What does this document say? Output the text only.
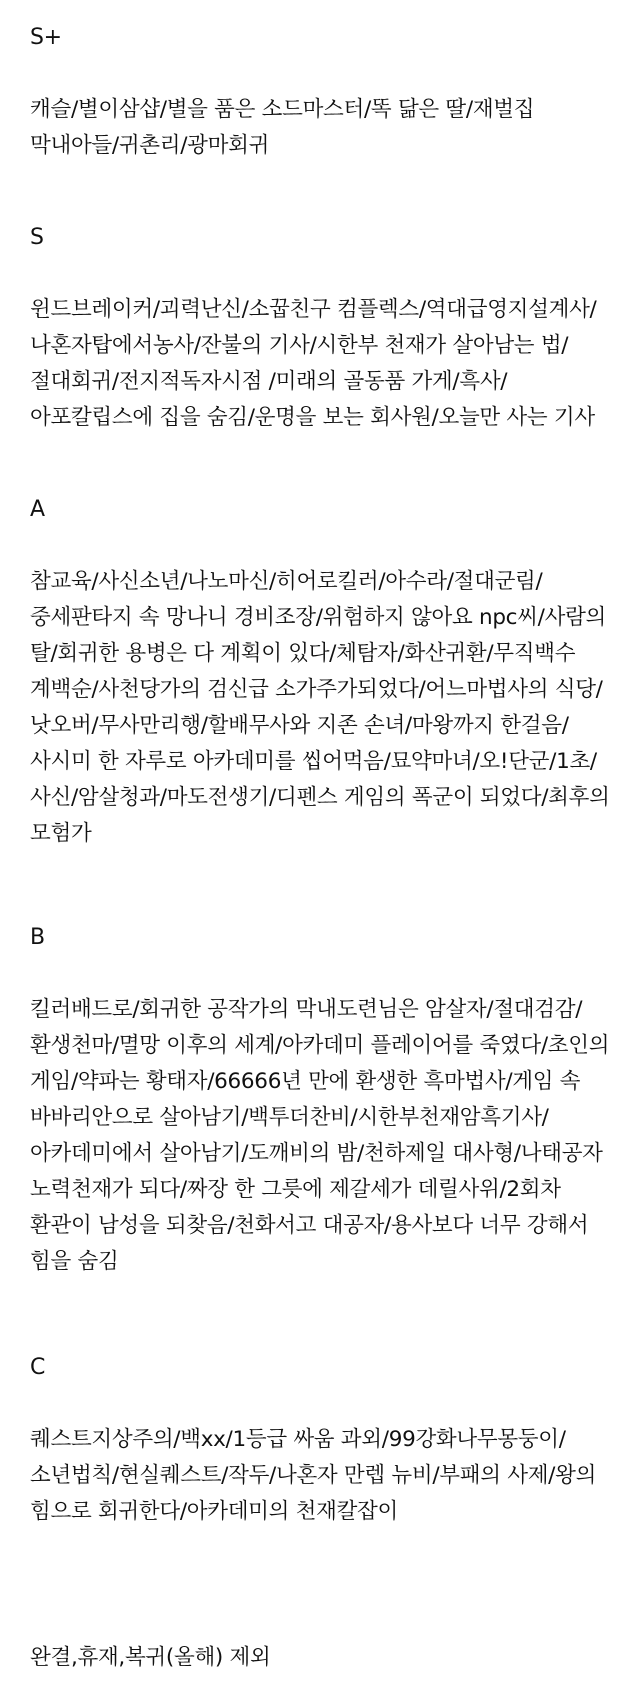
S+

캐슬/별이삼샵/별을 품은 소드마스터/똑 닮은 딸/재벌집 막내아들/귀촌리/광마회귀

S

윈드브레이커/괴력난신/소꿉친구 컴플렉스/역대급영지설계사/나혼자탑에서농사/잔불의 기사/시한부 천재가 살아남는 법/절대회귀/전지적독자시점 /미래의 골동품 가게/흑사/아포칼립스에 집을 숨김/운명을 보는 회사원/오늘만 사는 기사

A

참교육/사신소년/나노마신/히어로킬러/아수라/절대군림/중세판타지 속 망나니 경비조장/위험하지 않아요 npc씨/사람의 탈/회귀한 용병은 다 계획이 있다/체탐자/화산귀환/무직백수 계백순/사천당가의 검신급 소가주가되었다/어느마법사의 식당/낫오버/무사만리행/할배무사와 지존 손녀/마왕까지 한걸음/사시미 한 자루로 아카데미를 씹어먹음/묘약마녀/오!단군/1초/사신/암살청과/마도전생기/디펜스 게임의 폭군이 되었다/최후의 모험가

B

킬러배드로/회귀한 공작가의 막내도련님은 암살자/절대검감/환생천마/멸망 이후의 세계/아카데미 플레이어를 죽였다/초인의 게임/약파는 황태자/66666년 만에 환생한 흑마법사/게임 속 바바리안으로 살아남기/백투더찬비/시한부천재암흑기사/아카데미에서 살아남기/도깨비의 밤/천하제일 대사형/나태공자 노력천재가 되다/짜장 한 그릇에 제갈세가 데릴사위/2회차 환관이 남성을 되찾음/천화서고 대공자/용사보다 너무 강해서 힘을 숨김

C

퀘스트지상주의/백xx/1등급 싸움 과외/99강화나무몽둥이/소년법칙/현실퀘스트/작두/나혼자 만렙 뉴비/부패의 사제/왕의 힘으로 회귀한다/아카데미의 천재칼잡이

완결,휴재,복귀(올해) 제외
